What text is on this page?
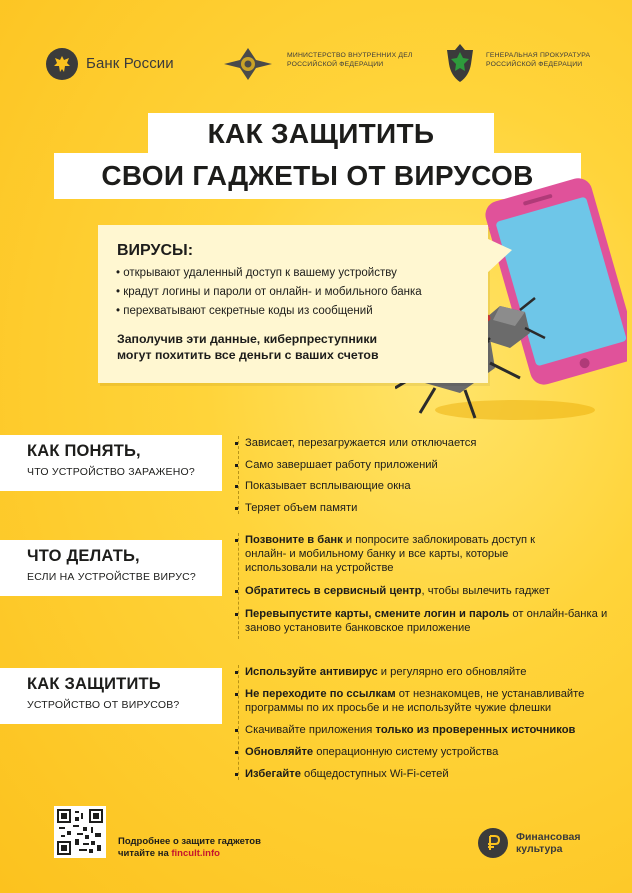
Банк России	МИНИСТЕРСТВО ВНУТРЕННИХ ДЕЛ
РОССИЙСКОЙ ФЕДЕРАЦИИ
ГЕНЕРАЛЬНАЯ ПРОКУРАТУРА
РОССИЙСКОЙ ФЕДЕРАЦИИ
КАК ЗАЩИТИТЬ
СВОИ ГАДЖЕТЫ ОТ ВИРУСОВ
ВИРУСЫ:
• открывают удаленный доступ к вашему устройству
• крадут логины и пароли от онлайн- и мобильного банка
• перехватывают секретные коды из сообщений
Заполучив эти данные, киберпреступники
могут похитить все деньги с ваших счетов
КАК ПОНЯТЬ,
ЧТО УСТРОЙСТВО ЗАРАЖЕНО?
Зависает, перезагружается или отключается
Само завершает работу приложений
Показывает всплывающие окна
Теряет объем памяти
ЧТО ДЕЛАТЬ,
ЕСЛИ НА УСТРОЙСТВЕ ВИРУС?
Позвоните в банк и попросите заблокировать доступ к онлайн- и мобильному банку и все карты, которые использовали на устройстве
Обратитесь в сервисный центр, чтобы вылечить гаджет
Перевыпустите карты, смените логин и пароль от онлайн-банка и заново установите банковское приложение
КАК ЗАЩИТИТЬ
УСТРОЙСТВО ОТ ВИРУСОВ?
Используйте антивирус и регулярно его обновляйте
Не переходите по ссылкам от незнакомцев, не устанавливайте программы по их просьбе и не используйте чужие флешки
Скачивайте приложения только из проверенных источников
Обновляйте операционную систему устройства
Избегайте общедоступных Wi-Fi-сетей
Подробнее о защите гаджетов
читайте на fincult.info
Финансовая
культура
